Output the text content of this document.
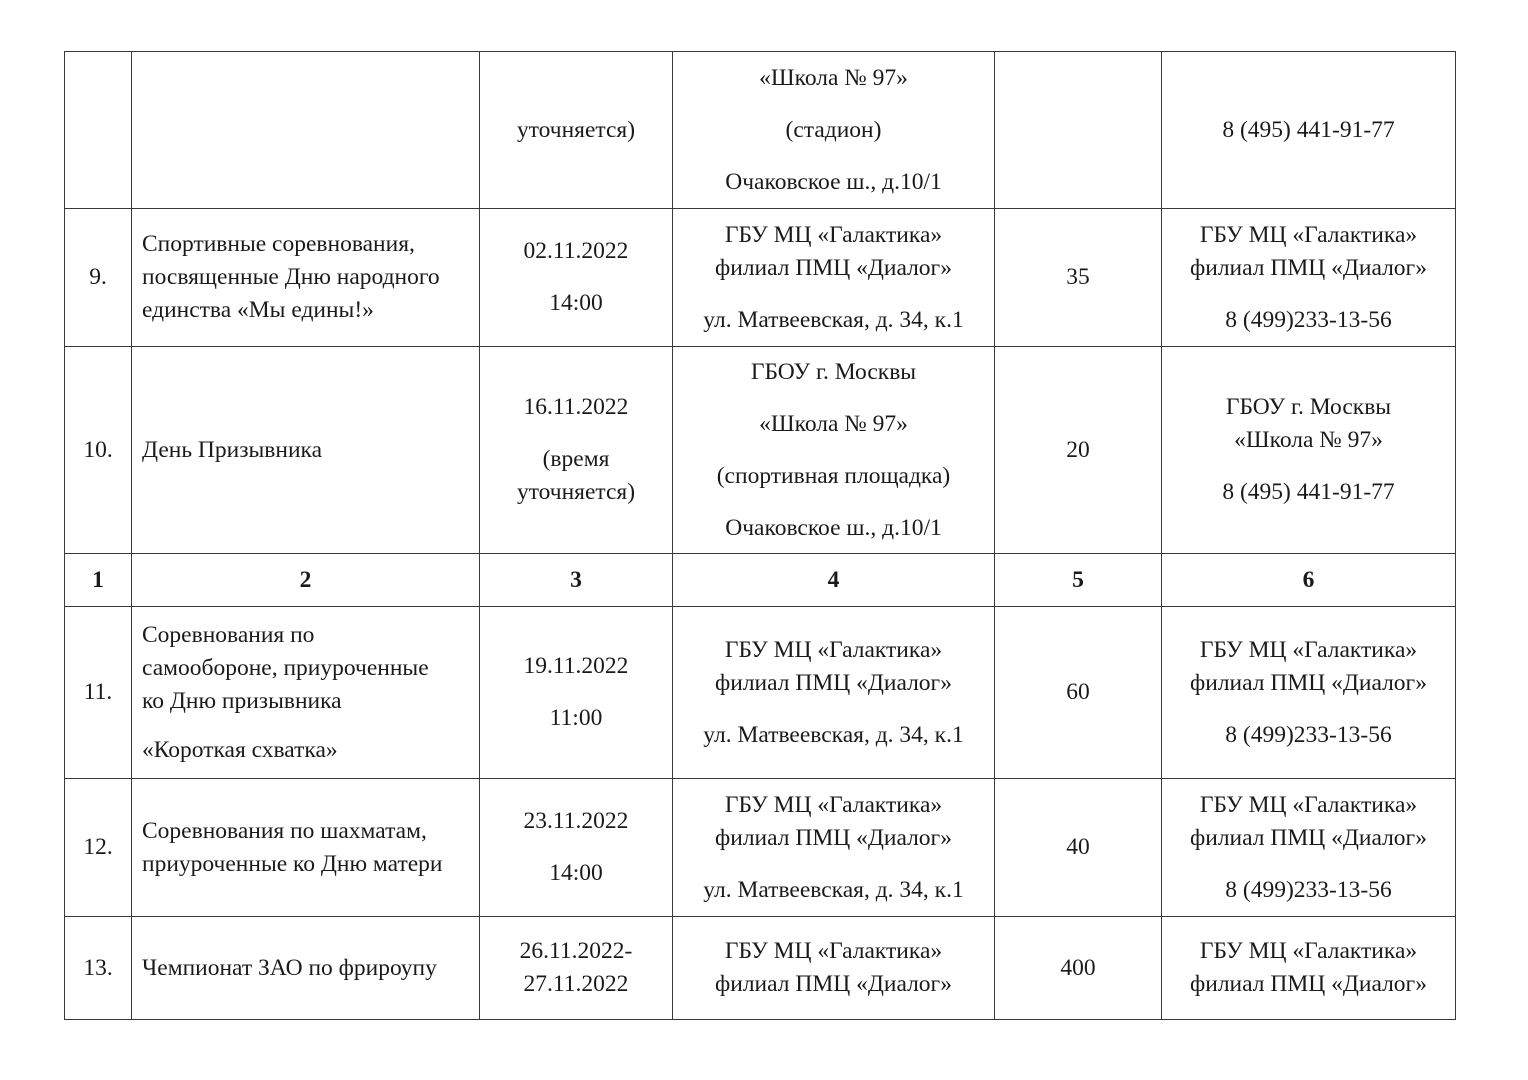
		уточняется)	«Школа № 97»
(стадион)
Очаковское ш., д.10/1		8 (495) 441-91-77

9.	Спортивные соревнования,
посвященные Дню народного
единства «Мы едины!»	02.11.2022
14:00	ГБУ МЦ «Галактика»
филиал ПМЦ «Диалог»
ул. Матвеевская, д. 34, к.1	35	ГБУ МЦ «Галактика»
филиал ПМЦ «Диалог»
8 (499)233-13-56

10.	День Призывника	16.11.2022
(время
уточняется)	ГБОУ г. Москвы
«Школа № 97»
(спортивная площадка)
Очаковское ш., д.10/1	20	ГБОУ г. Москвы
«Школа № 97»
8 (495) 441-91-77

1	2	3	4	5	6
11.	Соревнования по
самообороне, приуроченные
ко Дню призывника
«Короткая схватка»	19.11.2022
11:00	ГБУ МЦ «Галактика»
филиал ПМЦ «Диалог»
ул. Матвеевская, д. 34, к.1	60	ГБУ МЦ «Галактика»
филиал ПМЦ «Диалог»
8 (499)233-13-56

12.	Соревнования по шахматам,
приуроченные ко Дню матери	23.11.2022
14:00	ГБУ МЦ «Галактика»
филиал ПМЦ «Диалог»
ул. Матвеевская, д. 34, к.1	40	ГБУ МЦ «Галактика»
филиал ПМЦ «Диалог»
8 (499)233-13-56

13.	Чемпионат ЗАО по фрироупу	26.11.2022-
27.11.2022	ГБУ МЦ «Галактика»
филиал ПМЦ «Диалог»	400	ГБУ МЦ «Галактика»
филиал ПМЦ «Диалог»
